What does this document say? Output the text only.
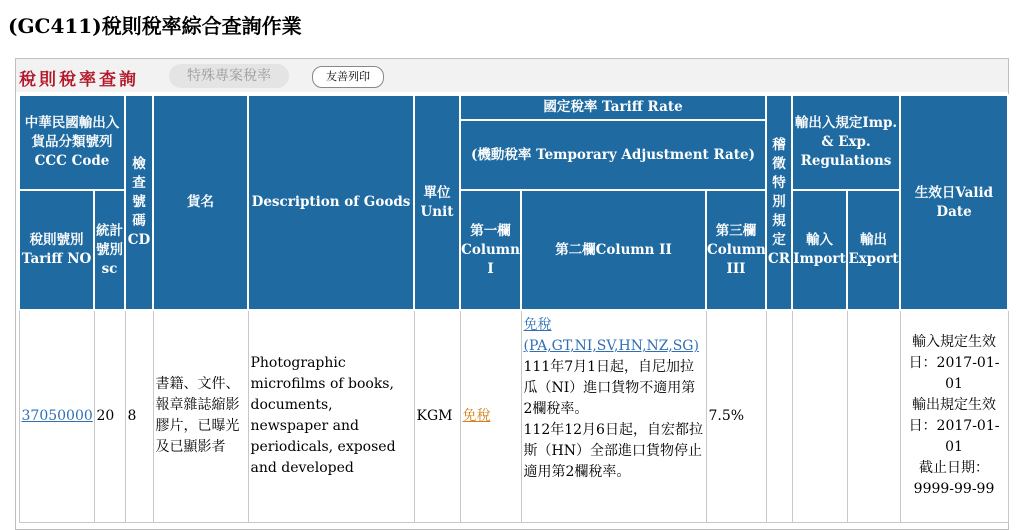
(GC411)稅則稅率綜合查詢作業
稅則稅率查詢	特殊專案稅率	友善列印
中華民國輸出入貨品分類號列CCC Code		檢查號碼CD	貨名	Description of Goods	單位Unit	國定稅率 Tariff Rate			稽徵特別規定CR	輸出入規定Imp. & Exp. Regulations		生效日Valid Date
						(機動稅率 Temporary Adjustment Rate)						
稅則號別Tariff NO	統計號別sc					第一欄Column I	第二欄Column II	第三欄Column III		輸入Import	輸出Export	
37050000	20	8	書籍、文件、報章雜誌縮影膠片，已曝光及已顯影者	Photographic microfilms of books, documents, newspaper and periodicals, exposed and developed	KGM	免稅	免稅
(PA,GT,NI,SV,HN,NZ,SG)
111年7月1日起，自尼加拉瓜（NI）進口貨物不適用第2欄稅率。
112年12月6日起，自宏都拉斯（HN）全部進口貨物停止適用第2欄稅率。	7.5%				輸入規定生效日：2017-01-01
輸出規定生效日：2017-01-01
截止日期：9999-99-99
